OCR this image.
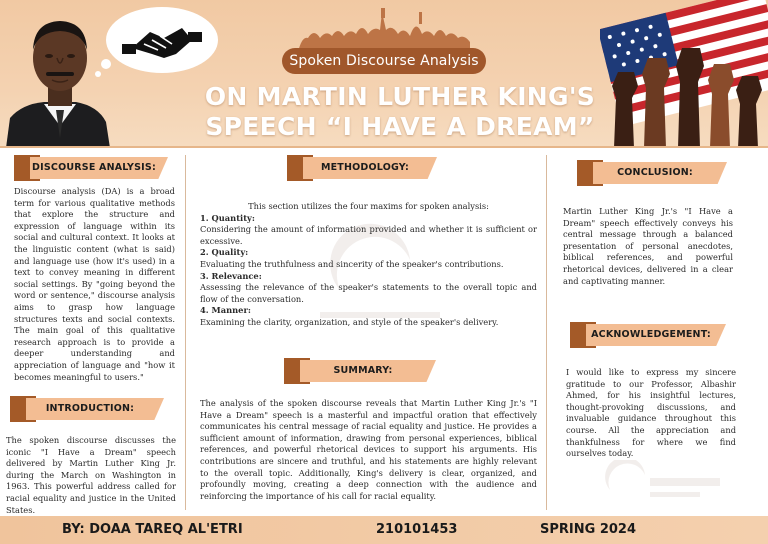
Spoken Discourse Analysis
ON MARTIN LUTHER KING'S
SPEECH “I HAVE A DREAM”
DISCOURSE ANALYSIS:
Discourse analysis (DA) is a broad term for various qualitative methods that explore the structure and expression of language within its social and cultural context. It looks at the linguistic content (what is said) and language use (how it's used) in a text to convey meaning in different social settings. By "going beyond the word or sentence," discourse analysis aims to grasp how language structures texts and social contexts. The main goal of this qualitative research approach is to provide a deeper understanding and appreciation of language and "how it becomes meaningful to users."
INTRODUCTION:
The spoken discourse discusses the iconic "I Have a Dream" speech delivered by Martin Luther King Jr. during the March on Washington in 1963. This powerful address called for racial equality and justice in the United States.
METHODOLOGY:

This section utilizes the four maxims for spoken analysis:

1. Quantity:

Considering the amount of information provided and whether it is sufficient or excessive.

2. Quality:

Evaluating the truthfulness and sincerity of the speaker's contributions.

3. Relevance:

Assessing the relevance of the speaker's statements to the overall topic and flow of the conversation.

4. Manner:

Examining the clarity, organization, and style of the speaker's delivery.

SUMMARY:
The analysis of the spoken discourse reveals that Martin Luther King Jr.'s "I Have a Dream" speech is a masterful and impactful oration that effectively communicates his central message of racial equality and justice. He provides a sufficient amount of information, drawing from personal experiences, biblical references, and powerful rhetorical devices to support his arguments. His contributions are sincere and truthful, and his statements are highly relevant to the overall topic. Additionally, King's delivery is clear, organized, and profoundly moving, creating a deep connection with the audience and reinforcing the importance of his call for racial equality.
CONCLUSION:
Martin Luther King Jr.'s "I Have a Dream" speech effectively conveys his central message through a balanced presentation of personal anecdotes, biblical references, and powerful rhetorical devices, delivered in a clear and captivating manner.
ACKNOWLEDGEMENT:
I would like to express my sincere gratitude to our Professor, Albashir Ahmed, for his insightful lectures, thought-provoking discussions, and invaluable guidance throughout this course. All the appreciation and thankfulness for where we find ourselves today.
BY: DOAA TAREQ AL'ETRI	210101453	SPRING 2024
